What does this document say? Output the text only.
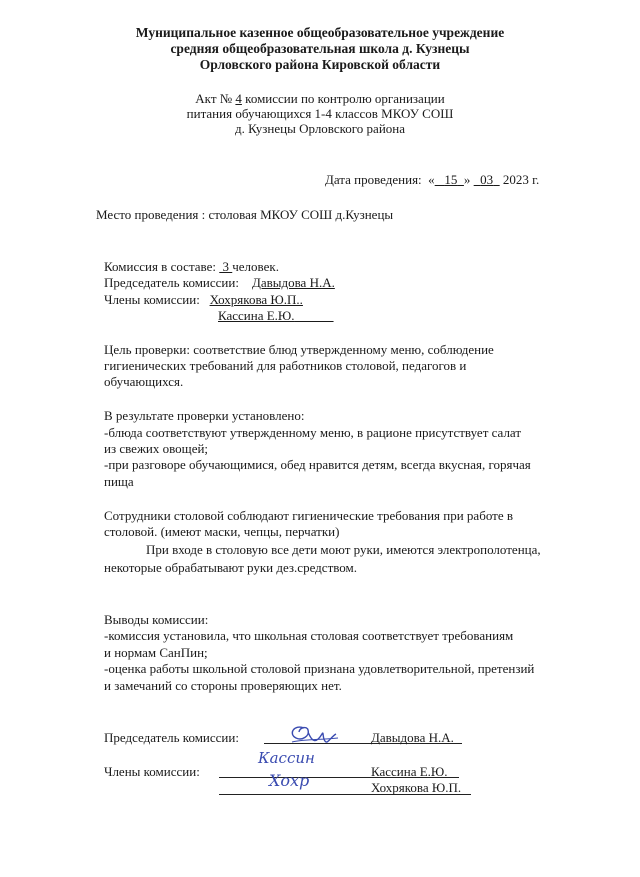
Муниципальное казенное общеобразовательное учреждение
средняя общеобразовательная школа д. Кузнецы
Орловского района Кировской области
Акт № 4 комиссии по контролю организации
питания обучающихся 1-4 классов МКОУ СОШ
д. Кузнецы Орловского района
Дата проведения: « 15 » 03 2023 г.
Место проведения : столовая МКОУ СОШ д.Кузнецы
Комиссия в составе: 3 человек.
Председатель комиссии: Давыдова Н.А.
Члены комиссии: Хохрякова Ю.П..
Кассина Е.Ю.
Цель проверки: соответствие блюд утвержденному меню, соблюдение
гигиенических требований для работников столовой, педагогов и
обучающихся.
В результате проверки установлено:
-блюда соответствуют утвержденному меню, в рационе присутствует салат
из свежих овощей;
-при разговоре обучающимися, обед нравится детям, всегда вкусная, горячая
пища
Сотрудники столовой соблюдают гигиенические требования при работе в
столовой. (имеют маски, чепцы, перчатки)
При входе в столовую все дети моют руки, имеются электрополотенца,
некоторые обрабатывают руки дез.средством.
Выводы комиссии:
-комиссия установила, что школьная столовая соответствует требованиям
и нормам СанПин;
-оценка работы школьной столовой признана удовлетворительной, претензий
и замечаний со стороны проверяющих нет.
Председатель комиссии:	Давыдова Н.А.
Члены комиссии:
Кассин
Кассина Е.Ю.
Хохр	Хохрякова Ю.П.
